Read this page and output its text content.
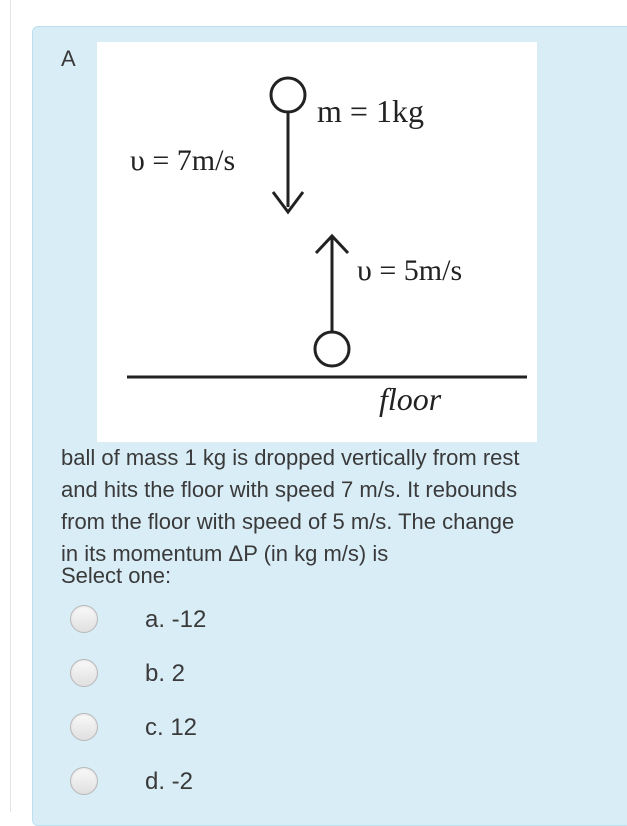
m = 1kg
υ = 7m/s
υ = 5m/s
floor
A ball of mass 1 kg is dropped vertically from rest and hits the floor with speed 7 m/s. It rebounds from the floor with speed of 5 m/s. The change in its momentum ΔP (in kg m/s) is
Select one:
a. -12
b. 2
c. 12
d. -2
